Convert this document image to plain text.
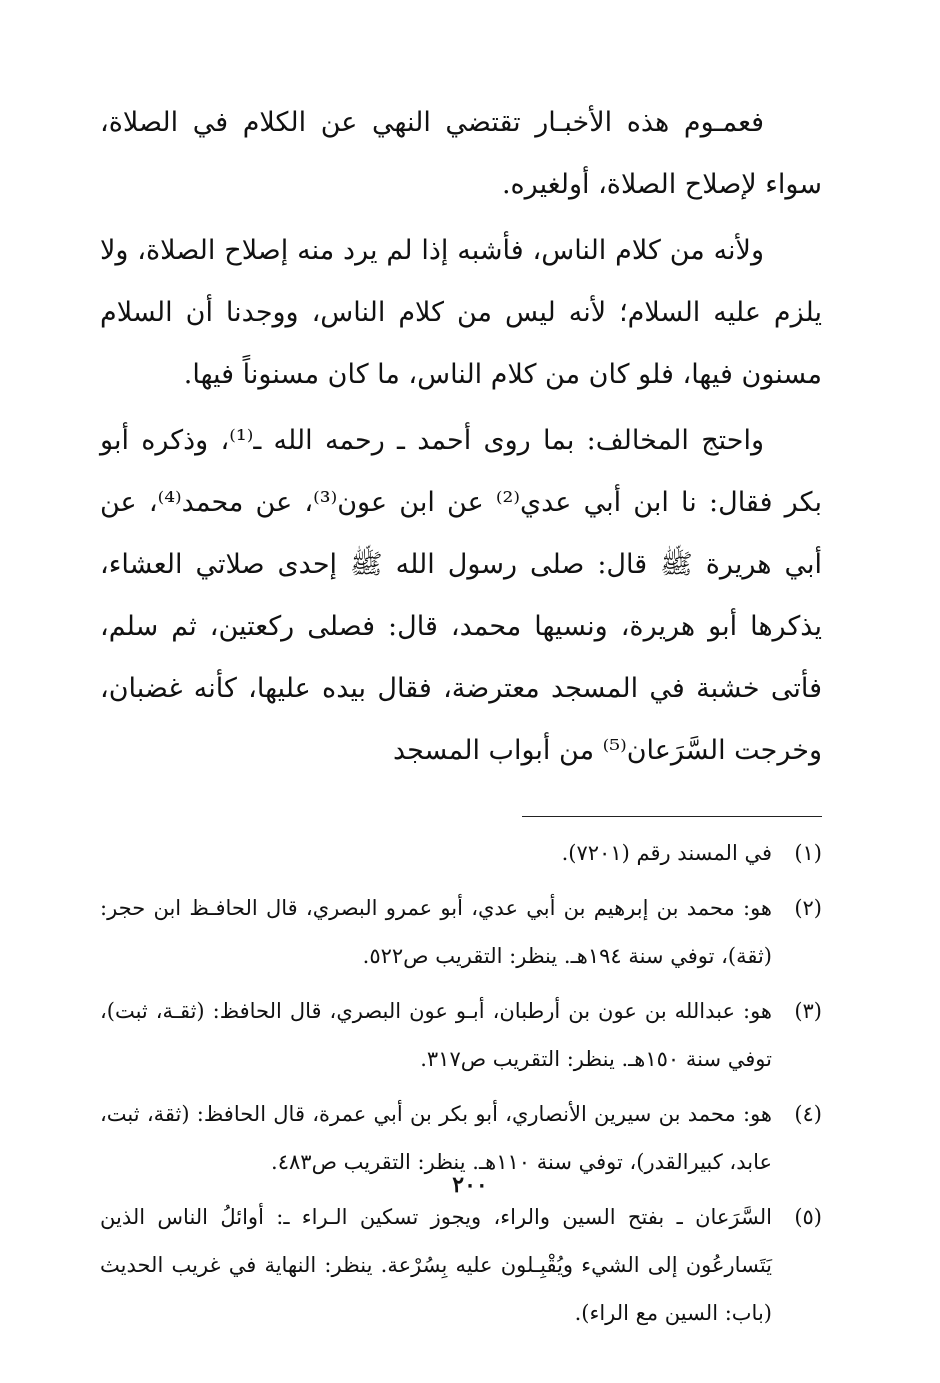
فعمـوم هذه الأخبـار تقتضي النهي عن الكلام في الصلاة، سواء لإصلاح الصلاة، أولغيره.

ولأنه من كلام الناس، فأشبه إذا لم يرد منه إصلاح الصلاة، ولا يلزم عليه السلام؛ لأنه ليس من كلام الناس، ووجدنا أن السلام مسنون فيها، فلو كان من كلام الناس، ما كان مسنوناً فيها.

واحتج المخالف: بما روى أحمد ـ رحمه الله ـ⁽¹⁾، وذكره أبو بكر فقال: نا ابن أبي عدي⁽²⁾ عن ابن عون⁽³⁾، عن محمد⁽⁴⁾، عن أبي هريرة ﷺ قال: صلى رسول الله ﷺ إحدى صلاتي العشاء، يذكرها أبو هريرة، ونسيها محمد، قال: فصلى ركعتين، ثم سلم، فأتى خشبة في المسجد معترضة، فقال بيده عليها، كأنه غضبان، وخرجت السَّرَعان⁽⁵⁾ من أبواب المسجد

(١)
في المسند رقم (٧٢٠١).
(٢)
هو: محمد بن إبرهيم بن أبي عدي، أبو عمرو البصري، قال الحافـظ ابن حجر: (ثقة)، توفي سنة ١٩٤هـ. ينظر: التقريب ص٥٢٢.
(٣)
هو: عبدالله بن عون بن أرطبان، أبـو عون البصري، قال الحافظ: (ثقـة، ثبت)، توفي سنة ١٥٠هـ. ينظر: التقريب ص٣١٧.
(٤)
هو: محمد بن سيرين الأنصاري، أبو بكر بن أبي عمرة، قال الحافظ: (ثقة، ثبت، عابد، كبيرالقدر)، توفي سنة ١١٠هـ. ينظر: التقريب ص٤٨٣.
(٥)
السَّرَعان ـ بفتح السين والراء، ويجوز تسكين الـراء ـ: أوائلُ الناس الذين يَتَسارعُون إلى الشيء ويُقْبِـلون عليه بِسُرْعة. ينظر: النهاية في غريب الحديث (باب: السين مع الراء).
٢٠٠
